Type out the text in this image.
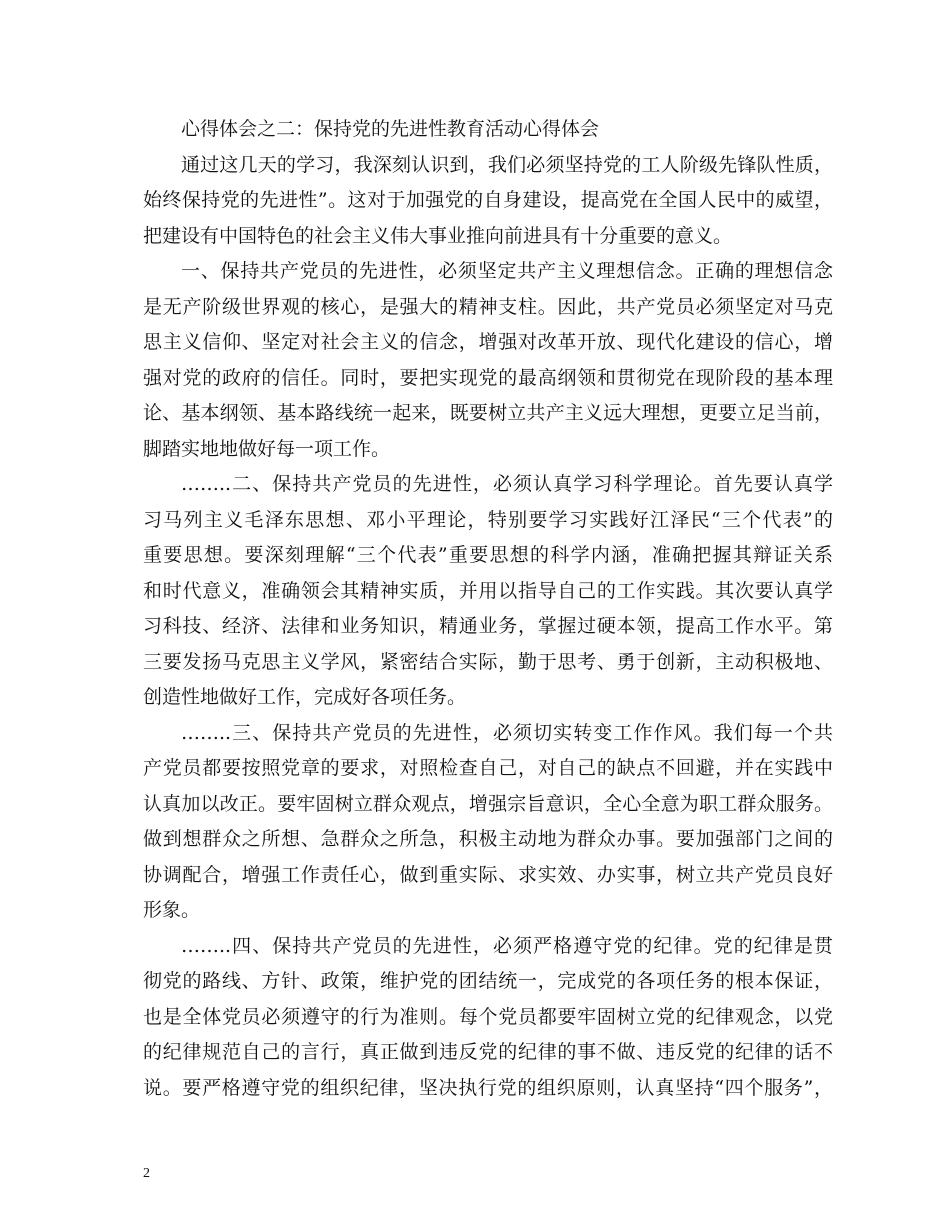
心得体会之二：保持党的先进性教育活动心得体会
通过这几天的学习，我深刻认识到，我们必须坚持党的工人阶级先锋队性质，
始终保持党的先进性”。这对于加强党的自身建设，提高党在全国人民中的威望，
把建设有中国特色的社会主义伟大事业推向前进具有十分重要的意义。
一、保持共产党员的先进性，必须坚定共产主义理想信念。正确的理想信念
是无产阶级世界观的核心，是强大的精神支柱。因此，共产党员必须坚定对马克
思主义信仰、坚定对社会主义的信念，增强对改革开放、现代化建设的信心，增
强对党的政府的信任。同时，要把实现党的最高纲领和贯彻党在现阶段的基本理
论、基本纲领、基本路线统一起来，既要树立共产主义远大理想，更要立足当前，
脚踏实地地做好每一项工作。
……..二、保持共产党员的先进性，必须认真学习科学理论。首先要认真学
习马列主义毛泽东思想、邓小平理论，特别要学习实践好江泽民“三个代表”的
重要思想。要深刻理解“三个代表”重要思想的科学内涵，准确把握其辩证关系
和时代意义，准确领会其精神实质，并用以指导自己的工作实践。其次要认真学
习科技、经济、法律和业务知识，精通业务，掌握过硬本领，提高工作水平。第
三要发扬马克思主义学风，紧密结合实际，勤于思考、勇于创新，主动积极地、
创造性地做好工作，完成好各项任务。
……..三、保持共产党员的先进性，必须切实转变工作作风。我们每一个共
产党员都要按照党章的要求，对照检查自己，对自己的缺点不回避，并在实践中
认真加以改正。要牢固树立群众观点，增强宗旨意识，全心全意为职工群众服务。
做到想群众之所想、急群众之所急，积极主动地为群众办事。要加强部门之间的
协调配合，增强工作责任心，做到重实际、求实效、办实事，树立共产党员良好
形象。
……..四、保持共产党员的先进性，必须严格遵守党的纪律。党的纪律是贯
彻党的路线、方针、政策，维护党的团结统一，完成党的各项任务的根本保证，
也是全体党员必须遵守的行为准则。每个党员都要牢固树立党的纪律观念，以党
的纪律规范自己的言行，真正做到违反党的纪律的事不做、违反党的纪律的话不
说。要严格遵守党的组织纪律，坚决执行党的组织原则，认真坚持“四个服务”，
2
